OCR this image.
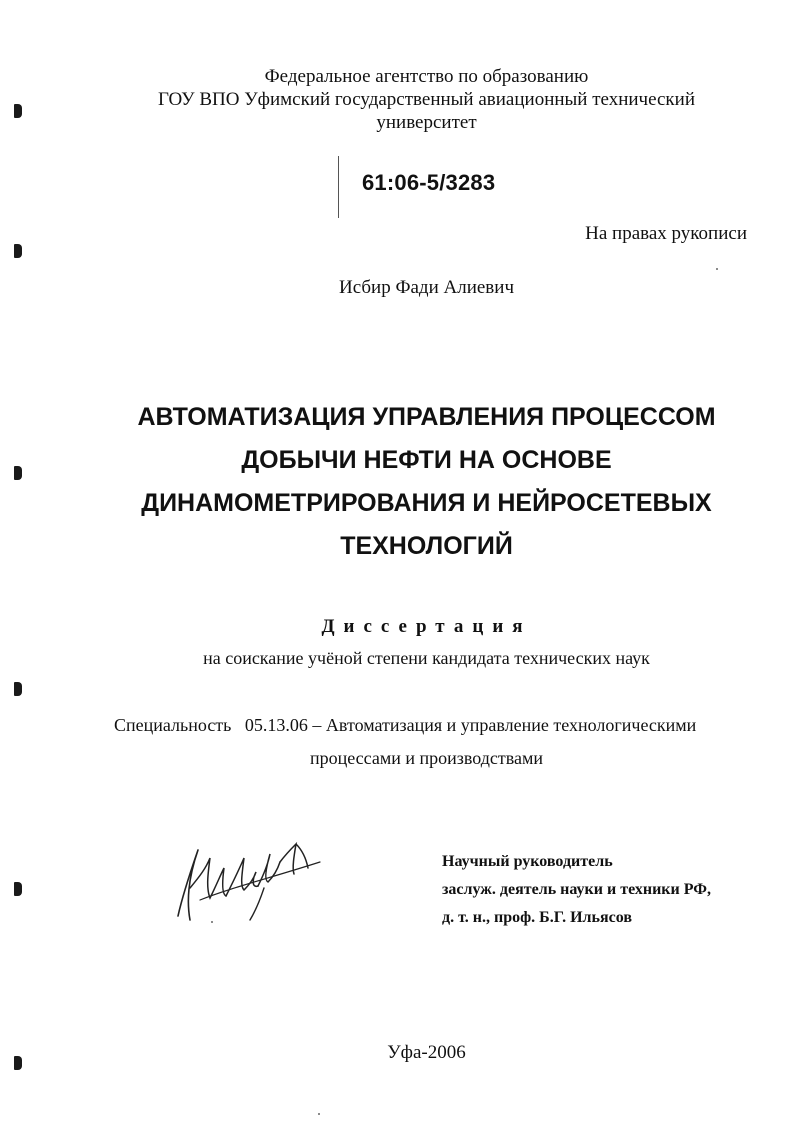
Федеральное агентство по образованию
ГОУ ВПО Уфимский государственный авиационный технический
университет
61:06-5/3283
На правах рукописи
Исбир Фади Алиевич
АВТОМАТИЗАЦИЯ УПРАВЛЕНИЯ ПРОЦЕССОМ
ДОБЫЧИ НЕФТИ НА ОСНОВЕ
ДИНАМОМЕТРИРОВАНИЯ И НЕЙРОСЕТЕВЫХ
ТЕХНОЛОГИЙ
Диссертация
на соискание учёной степени кандидата технических наук
Специальность 05.13.06 – Автоматизация и управление технологическими
процессами и производствами
Научный руководитель
заслуж. деятель науки и техники РФ,
д. т. н., проф. Б.Г. Ильясов
Уфа-2006
